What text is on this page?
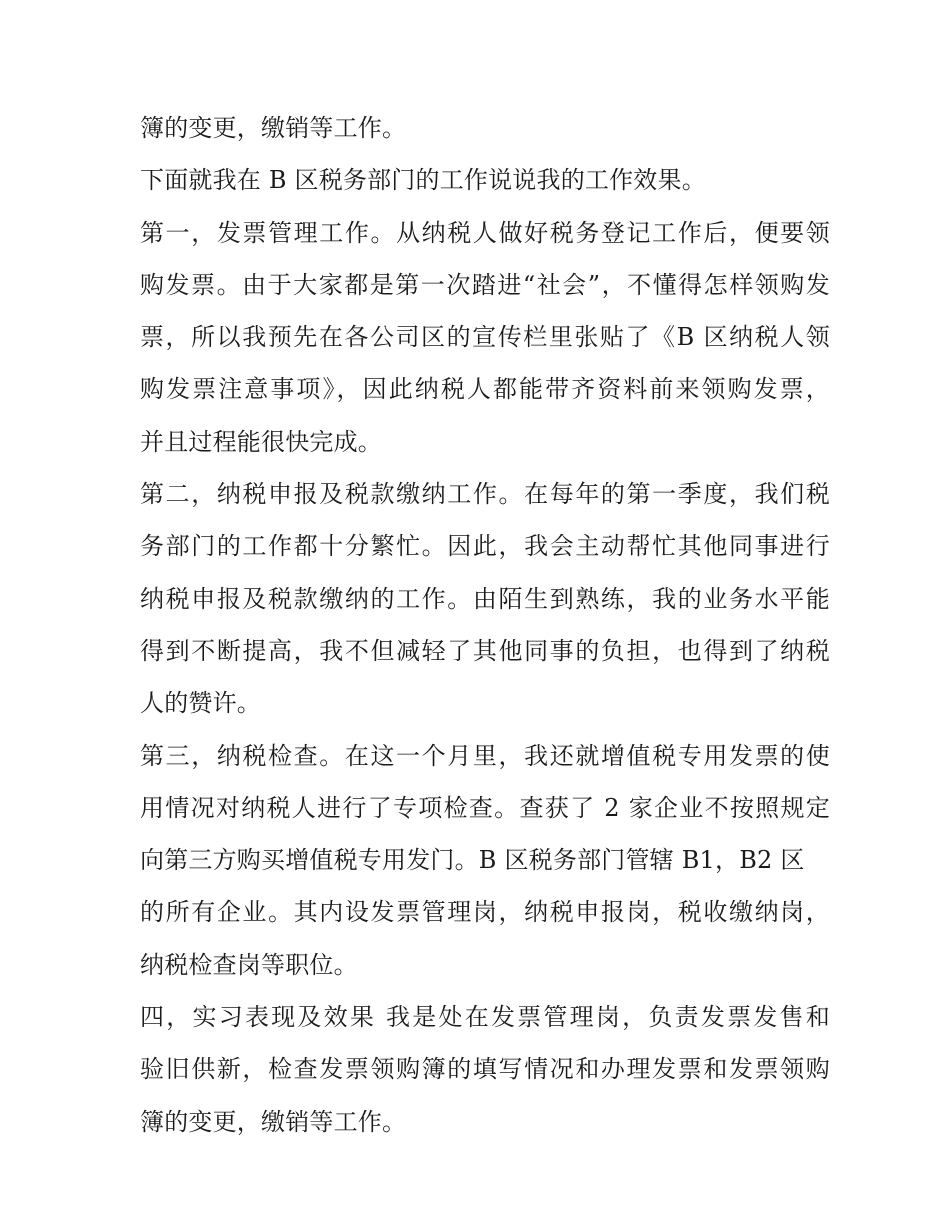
簿的变更，缴销等工作。
下面就我在 B 区税务部门的工作说说我的工作效果。
第一，发票管理工作。从纳税人做好税务登记工作后，便要领
购发票。由于大家都是第一次踏进“社会”，不懂得怎样领购发
票，所以我预先在各公司区的宣传栏里张贴了《B 区纳税人领
购发票注意事项》，因此纳税人都能带齐资料前来领购发票，
并且过程能很快完成。
第二，纳税申报及税款缴纳工作。在每年的第一季度，我们税
务部门的工作都十分繁忙。因此，我会主动帮忙其他同事进行
纳税申报及税款缴纳的工作。由陌生到熟练，我的业务水平能
得到不断提高，我不但减轻了其他同事的负担，也得到了纳税
人的赞许。
第三，纳税检查。在这一个月里，我还就增值税专用发票的使
用情况对纳税人进行了专项检查。查获了 2 家企业不按照规定
向第三方购买增值税专用发门。B 区税务部门管辖 B1，B2 区
的所有企业。其内设发票管理岗，纳税申报岗，税收缴纳岗，
纳税检查岗等职位。
四，实习表现及效果 我是处在发票管理岗，负责发票发售和
验旧供新，检查发票领购簿的填写情况和办理发票和发票领购
簿的变更，缴销等工作。
